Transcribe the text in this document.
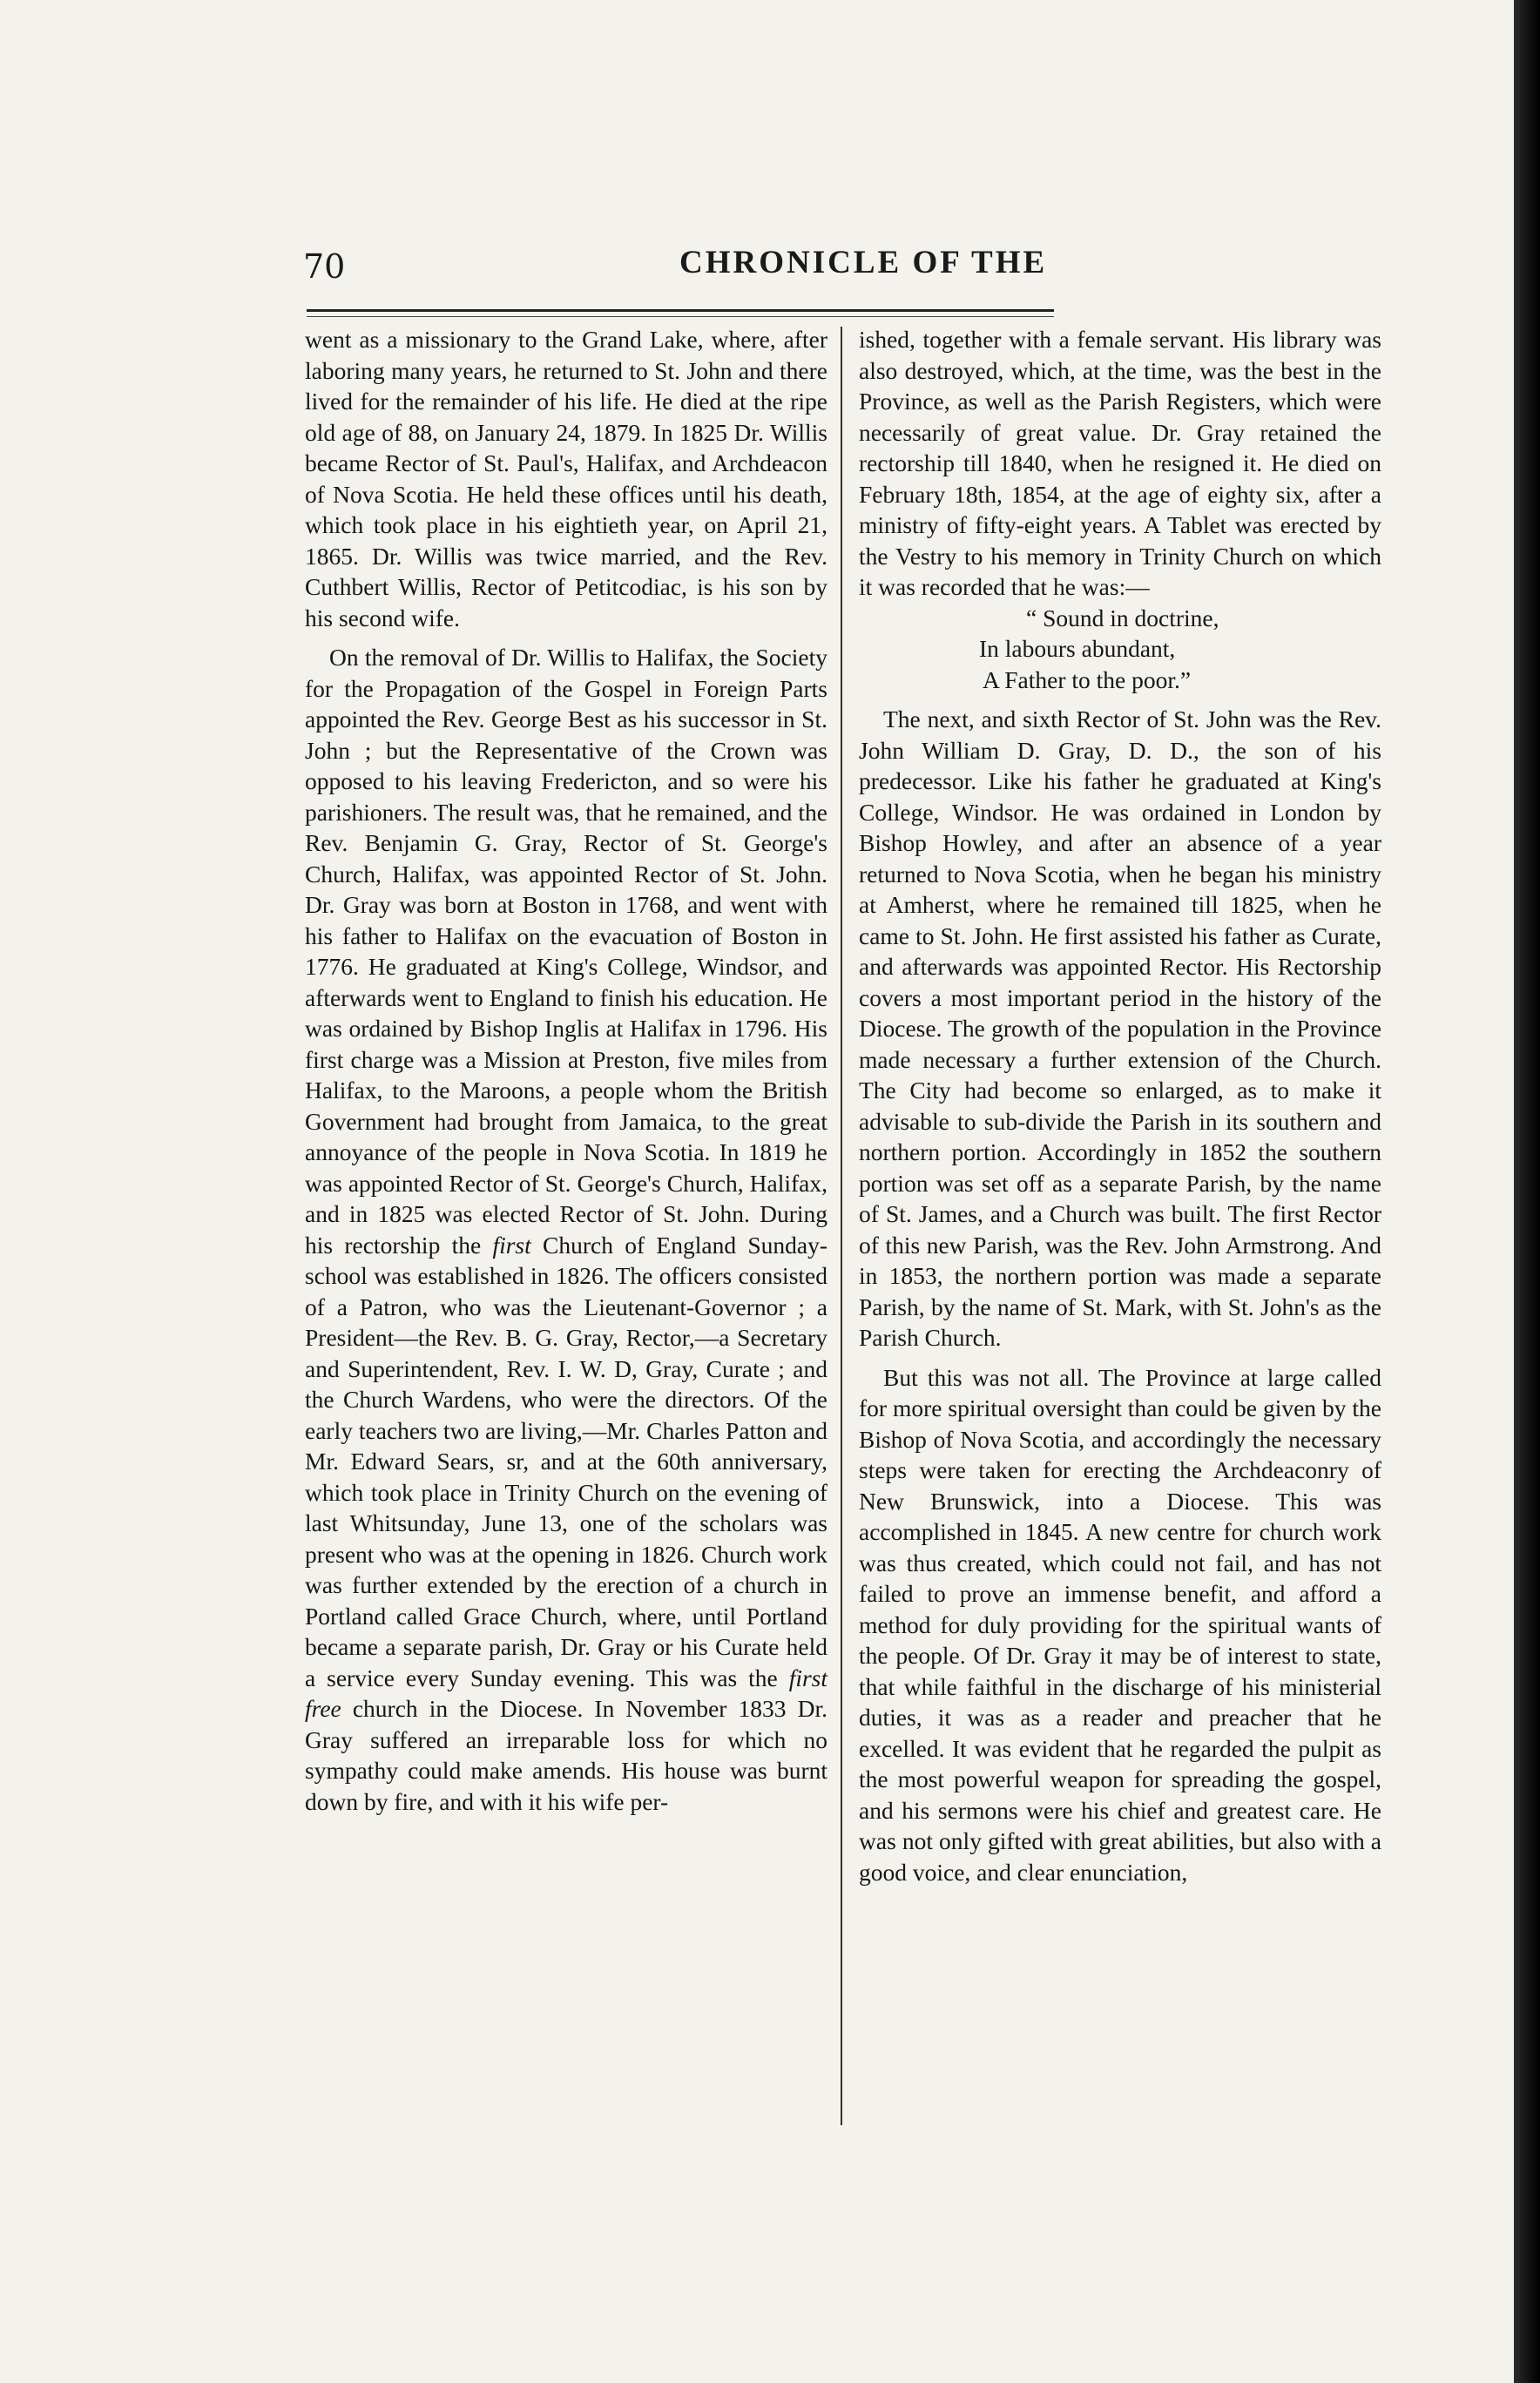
70	CHRONICLE OF THE

went as a missionary to the Grand Lake, where, after laboring many years, he returned to St. John and there lived for the remainder of his life. He died at the ripe old age of 88, on January 24, 1879. In 1825 Dr. Willis became Rector of St. Paul's, Halifax, and Archdeacon of Nova Scotia. He held these offices until his death, which took place in his eightieth year, on April 21, 1865. Dr. Willis was twice married, and the Rev. Cuthbert Willis, Rector of Petitcodiac, is his son by his second wife.

On the removal of Dr. Willis to Halifax, the Society for the Propagation of the Gospel in Foreign Parts appointed the Rev. George Best as his successor in St. John ; but the Representative of the Crown was opposed to his leaving Fredericton, and so were his parishioners. The result was, that he remained, and the Rev. Benjamin G. Gray, Rector of St. George's Church, Halifax, was appointed Rector of St. John. Dr. Gray was born at Boston in 1768, and went with his father to Halifax on the evacuation of Boston in 1776. He graduated at King's College, Windsor, and afterwards went to England to finish his education. He was ordained by Bishop Inglis at Halifax in 1796. His first charge was a Mission at Preston, five miles from Halifax, to the Maroons, a people whom the British Government had brought from Jamaica, to the great annoyance of the people in Nova Scotia. In 1819 he was appointed Rector of St. George's Church, Halifax, and in 1825 was elected Rector of St. John. During his rectorship the first Church of England Sunday-school was established in 1826. The officers consisted of a Patron, who was the Lieutenant-Governor ; a President—the Rev. B. G. Gray, Rector,—a Secretary and Superintendent, Rev. I. W. D, Gray, Curate ; and the Church Wardens, who were the directors. Of the early teachers two are living,—Mr. Charles Patton and Mr. Edward Sears, sr, and at the 60th anniversary, which took place in Trinity Church on the evening of last Whitsunday, June 13, one of the scholars was present who was at the opening in 1826. Church work was further extended by the erection of a church in Portland called Grace Church, where, until Portland became a separate parish, Dr. Gray or his Curate held a service every Sunday evening. This was the first free church in the Diocese. In November 1833 Dr. Gray suffered an irreparable loss for which no sympathy could make amends. His house was burnt down by fire, and with it his wife per-

ished, together with a female servant. His library was also destroyed, which, at the time, was the best in the Province, as well as the Parish Registers, which were necessarily of great value. Dr. Gray retained the rectorship till 1840, when he resigned it. He died on February 18th, 1854, at the age of eighty six, after a ministry of fifty-eight years. A Tablet was erected by the Vestry to his memory in Trinity Church on which it was recorded that he was:—

“ Sound in doctrine,

In labours abundant,

A Father to the poor.”

The next, and sixth Rector of St. John was the Rev. John William D. Gray, D. D., the son of his predecessor. Like his father he graduated at King's College, Windsor. He was ordained in London by Bishop Howley, and after an absence of a year returned to Nova Scotia, when he began his ministry at Amherst, where he remained till 1825, when he came to St. John. He first assisted his father as Curate, and afterwards was appointed Rector. His Rectorship covers a most important period in the history of the Diocese. The growth of the population in the Province made necessary a further extension of the Church. The City had become so enlarged, as to make it advisable to sub-divide the Parish in its southern and northern portion. Accordingly in 1852 the southern portion was set off as a separate Parish, by the name of St. James, and a Church was built. The first Rector of this new Parish, was the Rev. John Armstrong. And in 1853, the northern portion was made a separate Parish, by the name of St. Mark, with St. John's as the Parish Church.

But this was not all. The Province at large called for more spiritual oversight than could be given by the Bishop of Nova Scotia, and accordingly the necessary steps were taken for erecting the Archdeaconry of New Brunswick, into a Diocese. This was accomplished in 1845. A new centre for church work was thus created, which could not fail, and has not failed to prove an immense benefit, and afford a method for duly providing for the spiritual wants of the people. Of Dr. Gray it may be of interest to state, that while faithful in the discharge of his ministerial duties, it was as a reader and preacher that he excelled. It was evident that he regarded the pulpit as the most powerful weapon for spreading the gospel, and his sermons were his chief and greatest care. He was not only gifted with great abilities, but also with a good voice, and clear enunciation,
